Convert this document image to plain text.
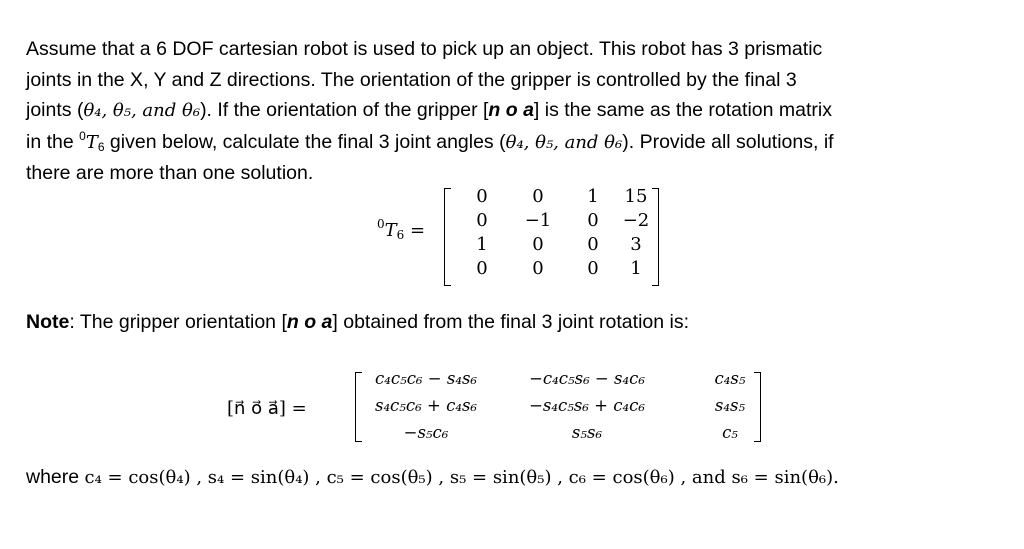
Assume that a 6 DOF cartesian robot is used to pick up an object. This robot has 3 prismatic

joints in the X, Y and Z directions. The orientation of the gripper is controlled by the final 3

joints (θ₄, θ₅, and θ₆). If the orientation of the gripper [n o a] is the same as the rotation matrix

in the $^0T_6$ given below, calculate the final 3 joint angles (θ₄, θ₅, and θ₆). Provide all solutions, if

there are more than one solution.

$^0T_6$ =
0	0	1	15
0	−1	0	−2
1	0	0	3
0	0	0	1
Note: The gripper orientation [n o a] obtained from the final 3 joint rotation is:
[n⃗ o⃗ a⃗] =
c₄c₅c₆ − s₄s₆	−c₄c₅s₆ − s₄c₆	c₄s₅
s₄c₅c₆ + c₄s₆	−s₄c₅s₆ + c₄c₆	s₄s₅
−s₅c₆	s₅s₆	c₅
where c₄ = cos(θ₄) , s₄ = sin(θ₄) , c₅ = cos(θ₅) , s₅ = sin(θ₅) , c₆ = cos(θ₆) , and s₆ = sin(θ₆).
